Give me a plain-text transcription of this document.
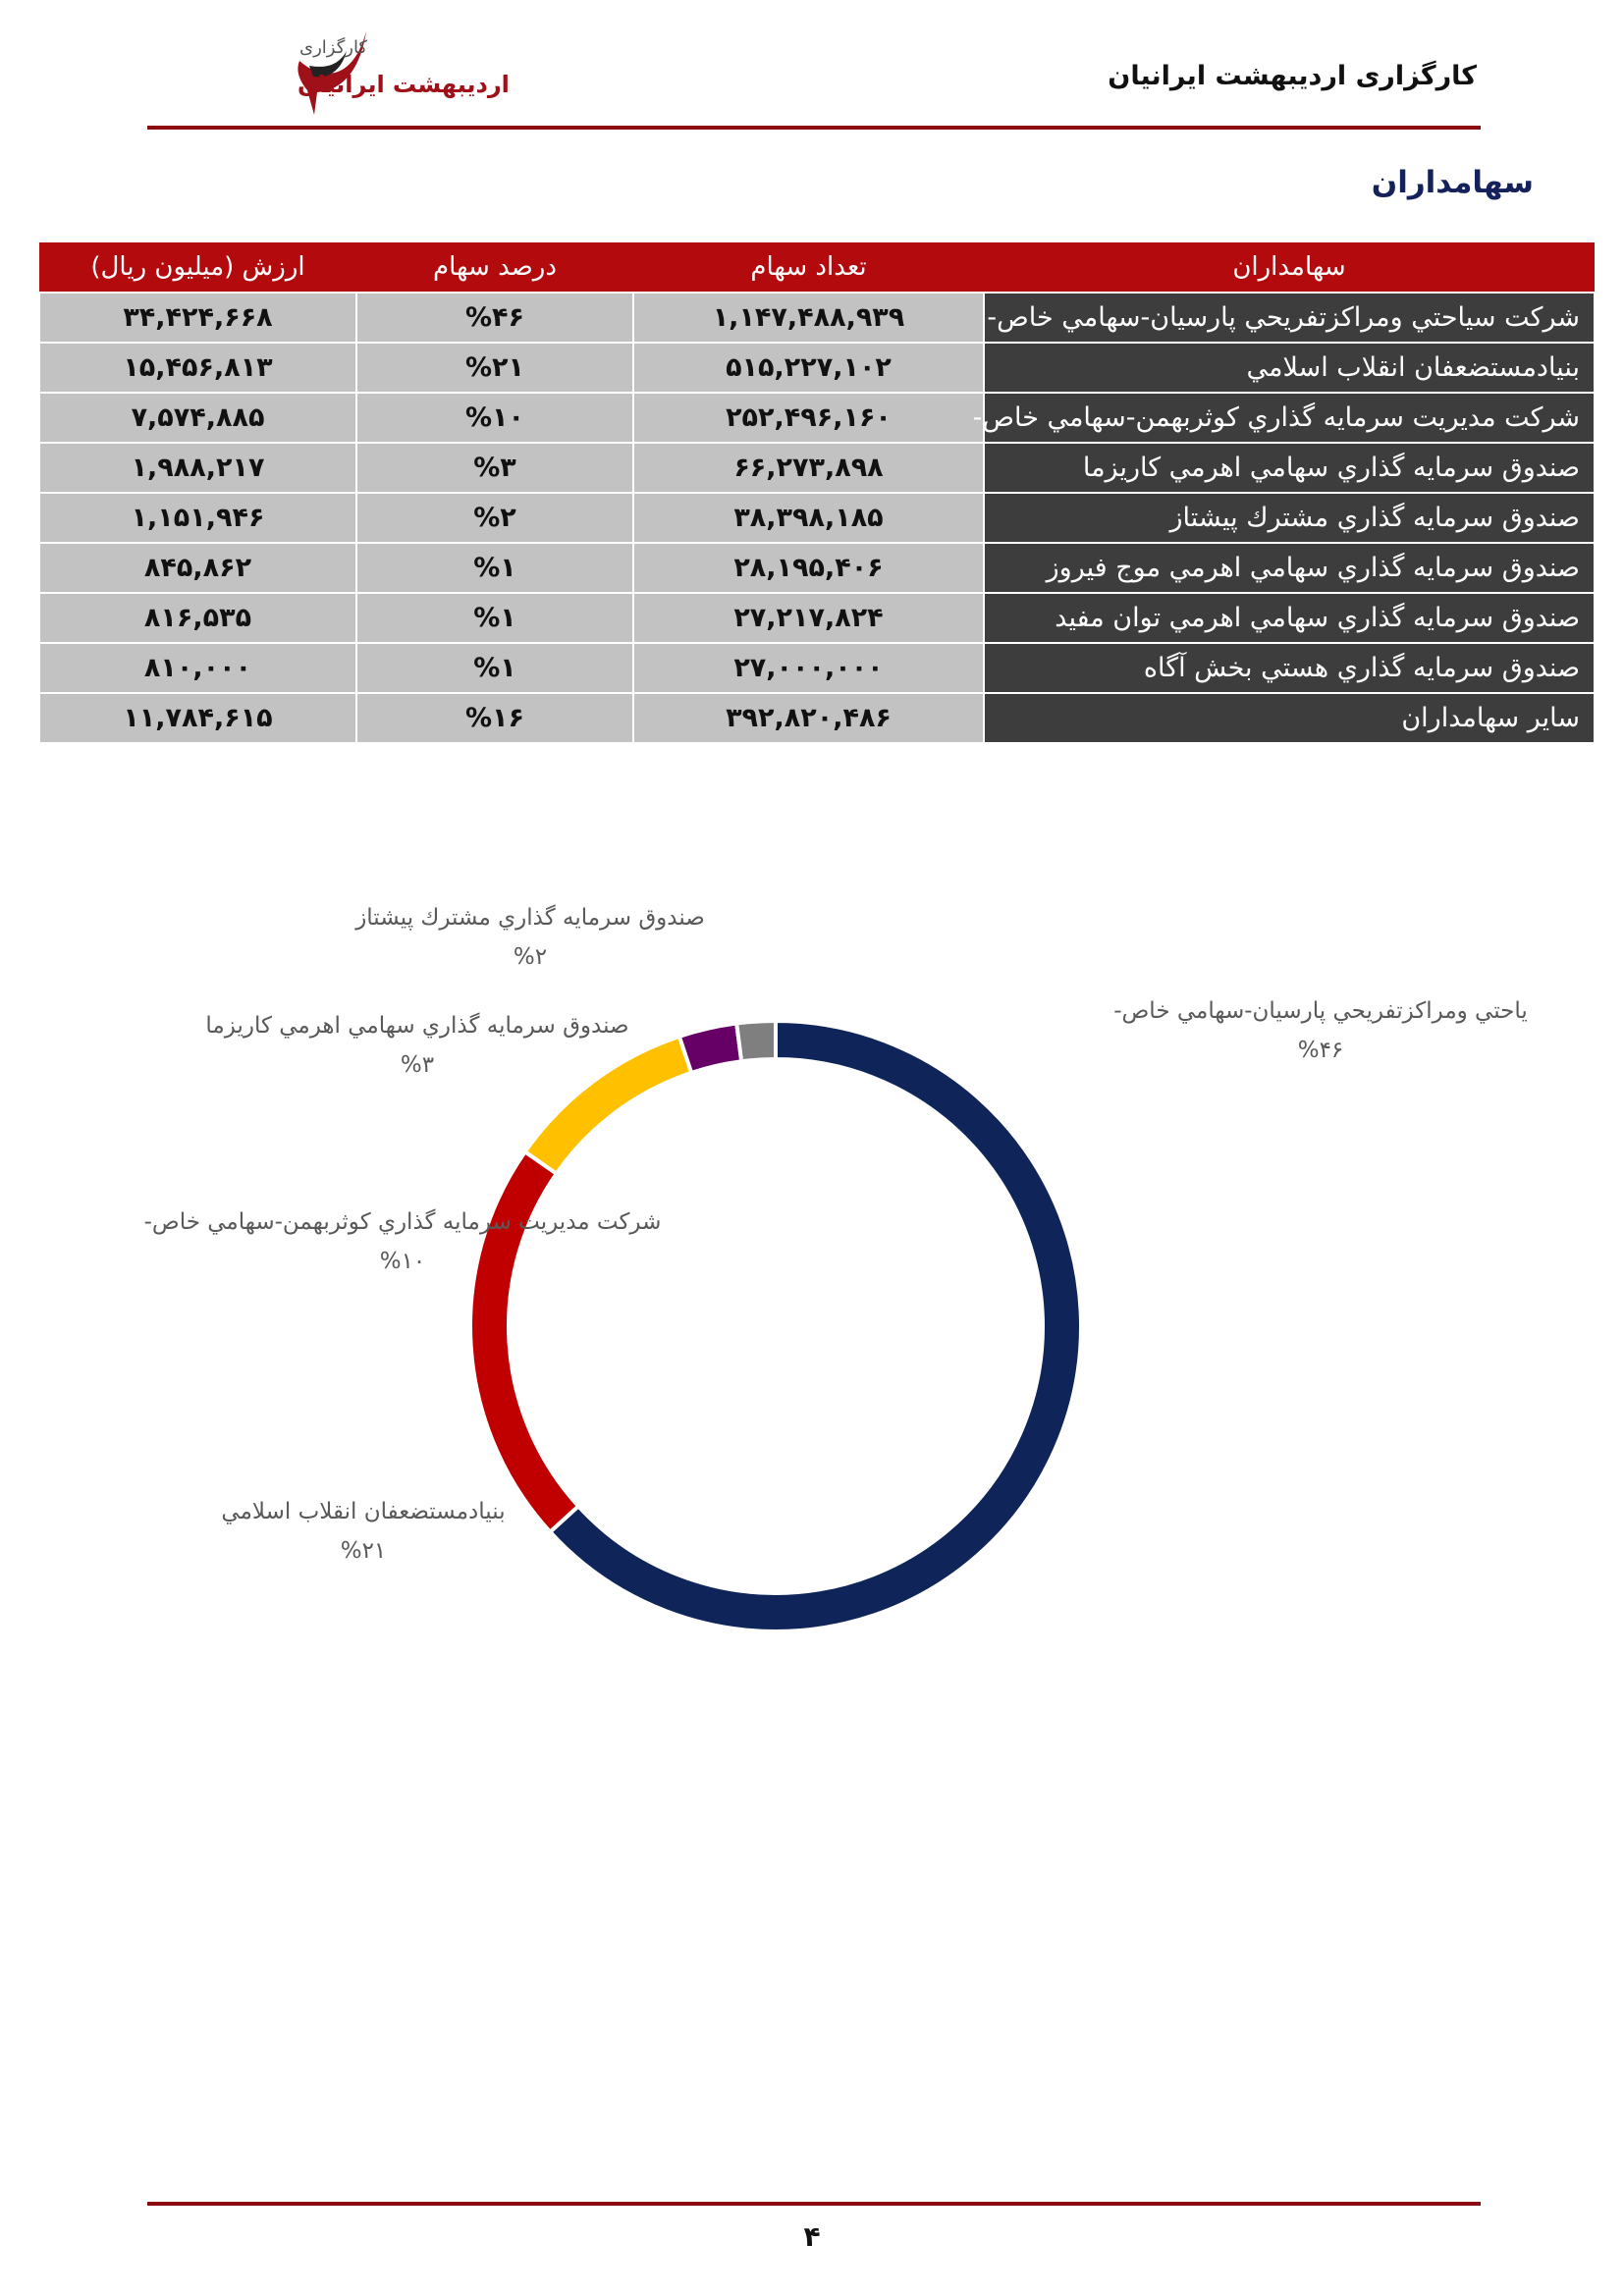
کارگزاری
اردیبهشت ایرانیان	کارگزاری اردیبهشت ایرانیان
سهامداران
سهامداران	تعداد سهام	درصد سهام	ارزش (میلیون ریال)
شرکت سیاحتي ومراکزتفریحي پارسیان-سهامي خاص-	۱,۱۴۷,۴۸۸,۹۳۹	%۴۶	۳۴,۴۲۴,۶۶۸
بنیادمستضعفان انقلاب اسلامي	۵۱۵,۲۲۷,۱۰۲	%۲۱	۱۵,۴۵۶,۸۱۳
شرکت مدیریت سرمایه گذاري کوثربهمن-سهامي خاص-	۲۵۲,۴۹۶,۱۶۰	%۱۰	۷,۵۷۴,۸۸۵
صندوق سرمایه گذاري سهامي اهرمي کاریزما	۶۶,۲۷۳,۸۹۸	%۳	۱,۹۸۸,۲۱۷
صندوق سرمایه گذاري مشترك پیشتاز	۳۸,۳۹۸,۱۸۵	%۲	۱,۱۵۱,۹۴۶
صندوق سرمایه گذاري سهامي اهرمي موج فیروز	۲۸,۱۹۵,۴۰۶	%۱	۸۴۵,۸۶۲
صندوق سرمایه گذاري سهامي اهرمي توان مفید	۲۷,۲۱۷,۸۲۴	%۱	۸۱۶,۵۳۵
صندوق سرمایه گذاري هستي بخش آگاه	۲۷,۰۰۰,۰۰۰	%۱	۸۱۰,۰۰۰
سایر سهامداران	۳۹۲,۸۲۰,۴۸۶	%۱۶	۱۱,۷۸۴,۶۱۵
یاحتي ومراکزتفریحي پارسیان-سهامي خاص-
%۴۶
بنیادمستضعفان انقلاب اسلامي
%۲۱
شرکت مدیریت سرمایه گذاري کوثربهمن-سهامي خاص-
%۱۰
صندوق سرمایه گذاري سهامي اهرمي کاریزما
%۳
صندوق سرمایه گذاري مشترك پیشتاز
%۲
۴
